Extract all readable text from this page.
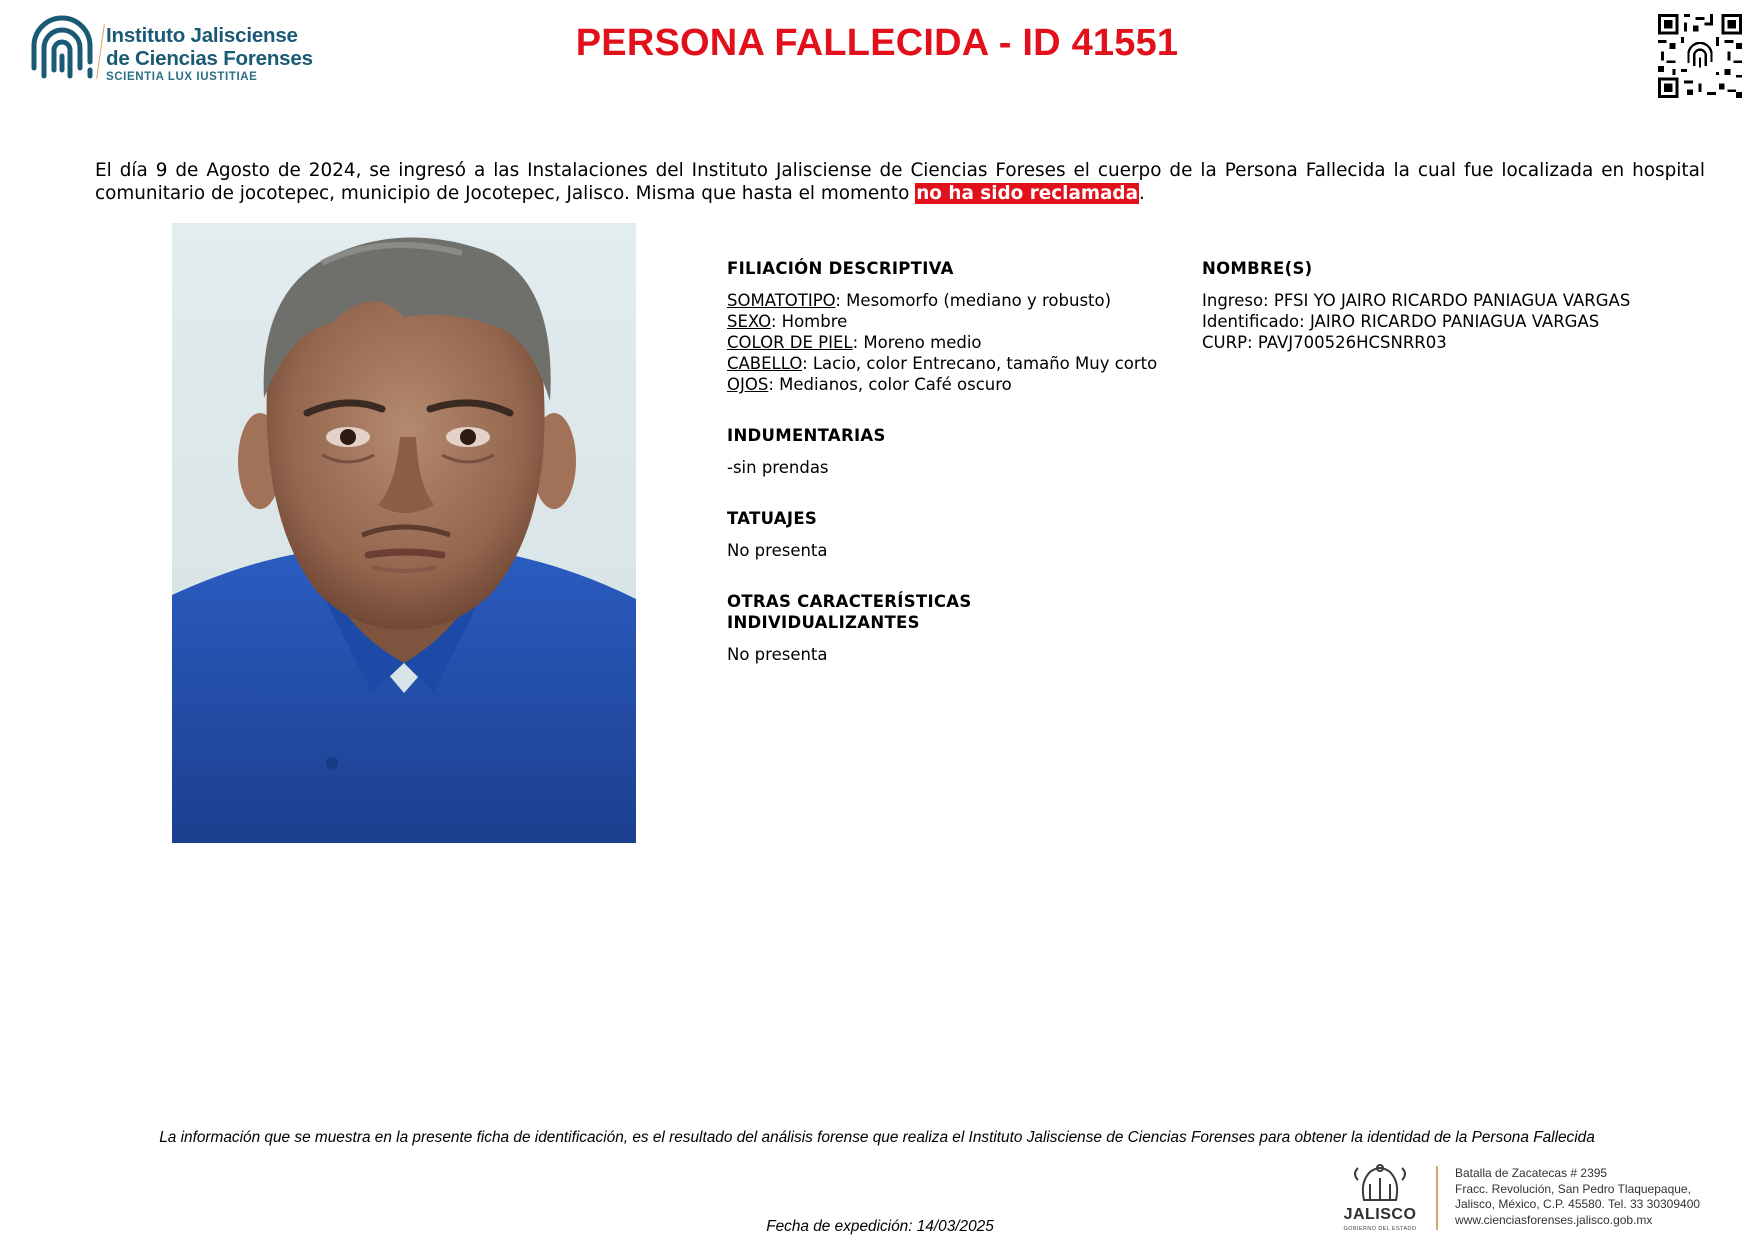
Instituto Jalisciense
de Ciencias Forenses
SCIENTIA LUX IUSTITIAE
PERSONA FALLECIDA - ID 41551
El día 9 de Agosto de 2024, se ingresó a las Instalaciones del Instituto Jalisciense de Ciencias Foreses el cuerpo de la Persona Fallecida la cual fue localizada en hospital comunitario de jocotepec, municipio de Jocotepec, Jalisco. Misma que hasta el momento no ha sido reclamada.
FILIACIÓN DESCRIPTIVA
SOMATOTIPO: Mesomorfo (mediano y robusto)
SEXO: Hombre
COLOR DE PIEL: Moreno medio
CABELLO: Lacio, color Entrecano, tamaño Muy corto
OJOS: Medianos, color Café oscuro
INDUMENTARIAS
-sin prendas
TATUAJES
No presenta
OTRAS CARACTERÍSTICAS INDIVIDUALIZANTES
No presenta
NOMBRE(S)
Ingreso: PFSI YO JAIRO RICARDO PANIAGUA VARGAS
Identificado: JAIRO RICARDO PANIAGUA VARGAS
CURP: PAVJ700526HCSNRR03
La información que se muestra en la presente ficha de identificación, es el resultado del análisis forense que realiza el Instituto Jalisciense de Ciencias Forenses para obtener la identidad de la Persona Fallecida
JALISCO
GOBIERNO DEL ESTADO
Batalla de Zacatecas # 2395
Fracc. Revolución, San Pedro Tlaquepaque,
Jalisco, México, C.P. 45580. Tel. 33 30309400
www.cienciasforenses.jalisco.gob.mx
Fecha de expedición: 14/03/2025
